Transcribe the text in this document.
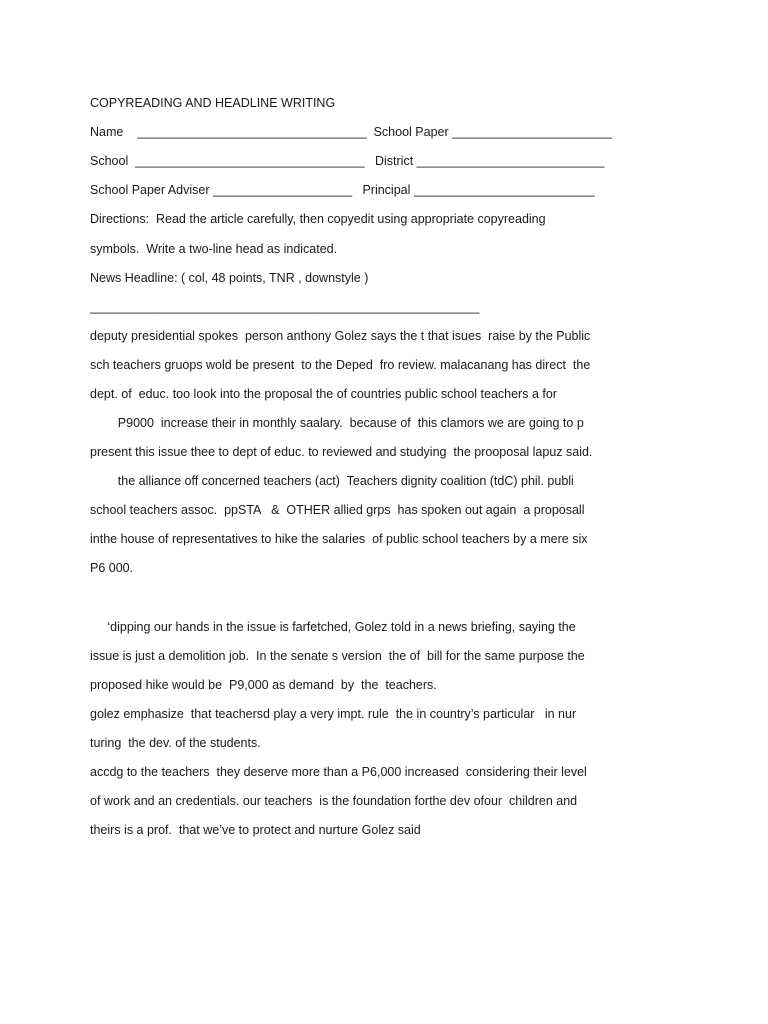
COPYREADING AND HEADLINE WRITING
Name    _________________________________  School Paper _______________________
School  _________________________________   District ___________________________
School Paper Adviser ____________________   Principal __________________________
Directions:  Read the article carefully, then copyedit using appropriate copyreading
symbols.  Write a two-line head as indicated.
News Headline: ( col, 48 points, TNR , downstyle )
________________________________________________________
deputy presidential spokes  person anthony Golez says the t that isues  raise by the Public
sch teachers gruops wold be present  to the Deped  fro review. malacanang has direct  the
dept. of  educ. too look into the proposal the of countries public school teachers a for
P9000  increase their in monthly saalary.  because of  this clamors we are going to p
present this issue thee to dept of educ. to reviewed and studying  the prooposal lapuz said.
the alliance off concerned teachers (act)  Teachers dignity coalition (tdC) phil. publi
school teachers assoc.  ppSTA   &  OTHER allied grps  has spoken out again  a proposall
inthe house of representatives to hike the salaries  of public school teachers by a mere six
P6 000.
‘dipping our hands in the issue is farfetched, Golez told in a news briefing, saying the
issue is just a demolition job.  In the senate s version  the of  bill for the same purpose the
proposed hike would be  P9,000 as demand  by  the  teachers.
golez emphasize  that teachersd play a very impt. rule  the in country’s particular   in nur
turing  the dev. of the students.
accdg to the teachers  they deserve more than a P6,000 increased  considering their level
of work and an credentials. our teachers  is the foundation forthe dev ofour  children and
theirs is a prof.  that we’ve to protect and nurture Golez said
